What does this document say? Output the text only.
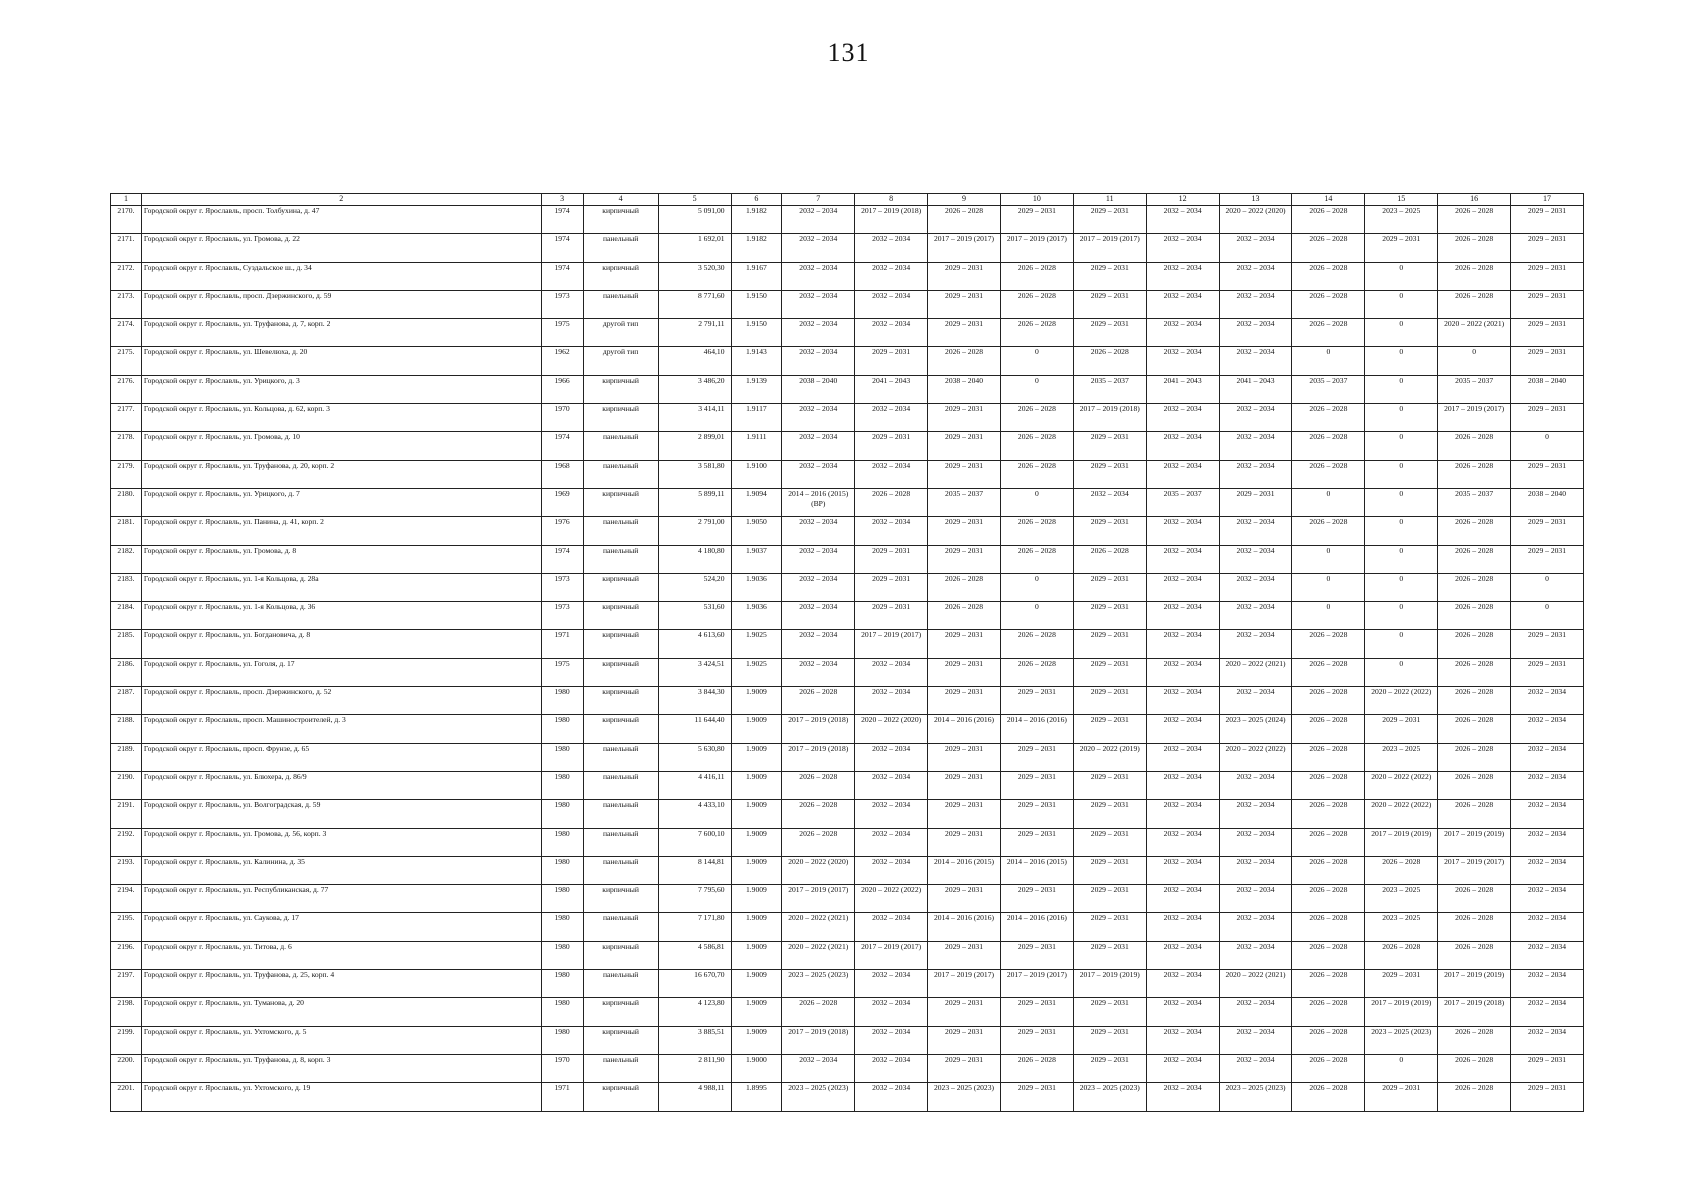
131
1	2	3	4	5	6	7	8	9	10	11	12	13	14	15	16	17
2170.	Городской округ г. Ярославль, просп. Толбухина, д. 47	1974	кирпичный	5 091,00	1.9182	2032 – 2034	2017 – 2019 (2018)	2026 – 2028	2029 – 2031	2029 – 2031	2032 – 2034	2020 – 2022 (2020)	2026 – 2028	2023 – 2025	2026 – 2028	2029 – 2031
2171.	Городской округ г. Ярославль, ул. Громова, д. 22	1974	панельный	1 692,01	1.9182	2032 – 2034	2032 – 2034	2017 – 2019 (2017)	2017 – 2019 (2017)	2017 – 2019 (2017)	2032 – 2034	2032 – 2034	2026 – 2028	2029 – 2031	2026 – 2028	2029 – 2031
2172.	Городской округ г. Ярославль, Суздальское ш., д. 34	1974	кирпичный	3 520,30	1.9167	2032 – 2034	2032 – 2034	2029 – 2031	2026 – 2028	2029 – 2031	2032 – 2034	2032 – 2034	2026 – 2028	0	2026 – 2028	2029 – 2031
2173.	Городской округ г. Ярославль, просп. Дзержинского, д. 59	1973	панельный	8 771,60	1.9150	2032 – 2034	2032 – 2034	2029 – 2031	2026 – 2028	2029 – 2031	2032 – 2034	2032 – 2034	2026 – 2028	0	2026 – 2028	2029 – 2031
2174.	Городской округ г. Ярославль, ул. Труфанова, д. 7, корп. 2	1975	другой тип	2 791,11	1.9150	2032 – 2034	2032 – 2034	2029 – 2031	2026 – 2028	2029 – 2031	2032 – 2034	2032 – 2034	2026 – 2028	0	2020 – 2022 (2021)	2029 – 2031
2175.	Городской округ г. Ярославль, ул. Шевелюха, д. 20	1962	другой тип	464,10	1.9143	2032 – 2034	2029 – 2031	2026 – 2028	0	2026 – 2028	2032 – 2034	2032 – 2034	0	0	0	2029 – 2031
2176.	Городской округ г. Ярославль, ул. Урицкого, д. 3	1966	кирпичный	3 486,20	1.9139	2038 – 2040	2041 – 2043	2038 – 2040	0	2035 – 2037	2041 – 2043	2041 – 2043	2035 – 2037	0	2035 – 2037	2038 – 2040
2177.	Городской округ г. Ярославль, ул. Кольцова, д. 62, корп. 3	1970	кирпичный	3 414,11	1.9117	2032 – 2034	2032 – 2034	2029 – 2031	2026 – 2028	2017 – 2019 (2018)	2032 – 2034	2032 – 2034	2026 – 2028	0	2017 – 2019 (2017)	2029 – 2031
2178.	Городской округ г. Ярославль, ул. Громова, д. 10	1974	панельный	2 899,01	1.9111	2032 – 2034	2029 – 2031	2029 – 2031	2026 – 2028	2029 – 2031	2032 – 2034	2032 – 2034	2026 – 2028	0	2026 – 2028	0
2179.	Городской округ г. Ярославль, ул. Труфанова, д. 20, корп. 2	1968	панельный	3 581,80	1.9100	2032 – 2034	2032 – 2034	2029 – 2031	2026 – 2028	2029 – 2031	2032 – 2034	2032 – 2034	2026 – 2028	0	2026 – 2028	2029 – 2031
2180.	Городской округ г. Ярославль, ул. Урицкого, д. 7	1969	кирпичный	5 899,11	1.9094	2014 – 2016 (2015) (ВР)	2026 – 2028	2035 – 2037	0	2032 – 2034	2035 – 2037	2029 – 2031	0	0	2035 – 2037	2038 – 2040
2181.	Городской округ г. Ярославль, ул. Панина, д. 41, корп. 2	1976	панельный	2 791,00	1.9050	2032 – 2034	2032 – 2034	2029 – 2031	2026 – 2028	2029 – 2031	2032 – 2034	2032 – 2034	2026 – 2028	0	2026 – 2028	2029 – 2031
2182.	Городской округ г. Ярославль, ул. Громова, д. 8	1974	панельный	4 180,80	1.9037	2032 – 2034	2029 – 2031	2029 – 2031	2026 – 2028	2026 – 2028	2032 – 2034	2032 – 2034	0	0	2026 – 2028	2029 – 2031
2183.	Городской округ г. Ярославль, ул. 1-я Кольцова, д. 28а	1973	кирпичный	524,20	1.9036	2032 – 2034	2029 – 2031	2026 – 2028	0	2029 – 2031	2032 – 2034	2032 – 2034	0	0	2026 – 2028	0
2184.	Городской округ г. Ярославль, ул. 1-я Кольцова, д. 36	1973	кирпичный	531,60	1.9036	2032 – 2034	2029 – 2031	2026 – 2028	0	2029 – 2031	2032 – 2034	2032 – 2034	0	0	2026 – 2028	0
2185.	Городской округ г. Ярославль, ул. Богдановича, д. 8	1971	кирпичный	4 613,60	1.9025	2032 – 2034	2017 – 2019 (2017)	2029 – 2031	2026 – 2028	2029 – 2031	2032 – 2034	2032 – 2034	2026 – 2028	0	2026 – 2028	2029 – 2031
2186.	Городской округ г. Ярославль, ул. Гоголя, д. 17	1975	кирпичный	3 424,51	1.9025	2032 – 2034	2032 – 2034	2029 – 2031	2026 – 2028	2029 – 2031	2032 – 2034	2020 – 2022 (2021)	2026 – 2028	0	2026 – 2028	2029 – 2031
2187.	Городской округ г. Ярославль, просп. Дзержинского, д. 52	1980	кирпичный	3 844,30	1.9009	2026 – 2028	2032 – 2034	2029 – 2031	2029 – 2031	2029 – 2031	2032 – 2034	2032 – 2034	2026 – 2028	2020 – 2022 (2022)	2026 – 2028	2032 – 2034
2188.	Городской округ г. Ярославль, просп. Машиностроителей, д. 3	1980	кирпичный	11 644,40	1.9009	2017 – 2019 (2018)	2020 – 2022 (2020)	2014 – 2016 (2016)	2014 – 2016 (2016)	2029 – 2031	2032 – 2034	2023 – 2025 (2024)	2026 – 2028	2029 – 2031	2026 – 2028	2032 – 2034
2189.	Городской округ г. Ярославль, просп. Фрунзе, д. 65	1980	панельный	5 630,80	1.9009	2017 – 2019 (2018)	2032 – 2034	2029 – 2031	2029 – 2031	2020 – 2022 (2019)	2032 – 2034	2020 – 2022 (2022)	2026 – 2028	2023 – 2025	2026 – 2028	2032 – 2034
2190.	Городской округ г. Ярославль, ул. Блюхера, д. 86/9	1980	панельный	4 416,11	1.9009	2026 – 2028	2032 – 2034	2029 – 2031	2029 – 2031	2029 – 2031	2032 – 2034	2032 – 2034	2026 – 2028	2020 – 2022 (2022)	2026 – 2028	2032 – 2034
2191.	Городской округ г. Ярославль, ул. Волгоградская, д. 59	1980	панельный	4 433,10	1.9009	2026 – 2028	2032 – 2034	2029 – 2031	2029 – 2031	2029 – 2031	2032 – 2034	2032 – 2034	2026 – 2028	2020 – 2022 (2022)	2026 – 2028	2032 – 2034
2192.	Городской округ г. Ярославль, ул. Громова, д. 56, корп. 3	1980	панельный	7 600,10	1.9009	2026 – 2028	2032 – 2034	2029 – 2031	2029 – 2031	2029 – 2031	2032 – 2034	2032 – 2034	2026 – 2028	2017 – 2019 (2019)	2017 – 2019 (2019)	2032 – 2034
2193.	Городской округ г. Ярославль, ул. Калинина, д. 35	1980	панельный	8 144,81	1.9009	2020 – 2022 (2020)	2032 – 2034	2014 – 2016 (2015)	2014 – 2016 (2015)	2029 – 2031	2032 – 2034	2032 – 2034	2026 – 2028	2026 – 2028	2017 – 2019 (2017)	2032 – 2034
2194.	Городской округ г. Ярославль, ул. Республиканская, д. 77	1980	кирпичный	7 795,60	1.9009	2017 – 2019 (2017)	2020 – 2022 (2022)	2029 – 2031	2029 – 2031	2029 – 2031	2032 – 2034	2032 – 2034	2026 – 2028	2023 – 2025	2026 – 2028	2032 – 2034
2195.	Городской округ г. Ярославль, ул. Саукова, д. 17	1980	панельный	7 171,80	1.9009	2020 – 2022 (2021)	2032 – 2034	2014 – 2016 (2016)	2014 – 2016 (2016)	2029 – 2031	2032 – 2034	2032 – 2034	2026 – 2028	2023 – 2025	2026 – 2028	2032 – 2034
2196.	Городской округ г. Ярославль, ул. Титова, д. 6	1980	кирпичный	4 586,81	1.9009	2020 – 2022 (2021)	2017 – 2019 (2017)	2029 – 2031	2029 – 2031	2029 – 2031	2032 – 2034	2032 – 2034	2026 – 2028	2026 – 2028	2026 – 2028	2032 – 2034
2197.	Городской округ г. Ярославль, ул. Труфанова, д. 25, корп. 4	1980	панельный	16 670,70	1.9009	2023 – 2025 (2023)	2032 – 2034	2017 – 2019 (2017)	2017 – 2019 (2017)	2017 – 2019 (2019)	2032 – 2034	2020 – 2022 (2021)	2026 – 2028	2029 – 2031	2017 – 2019 (2019)	2032 – 2034
2198.	Городской округ г. Ярославль, ул. Туманова, д. 20	1980	кирпичный	4 123,80	1.9009	2026 – 2028	2032 – 2034	2029 – 2031	2029 – 2031	2029 – 2031	2032 – 2034	2032 – 2034	2026 – 2028	2017 – 2019 (2019)	2017 – 2019 (2018)	2032 – 2034
2199.	Городской округ г. Ярославль, ул. Ухтомского, д. 5	1980	кирпичный	3 885,51	1.9009	2017 – 2019 (2018)	2032 – 2034	2029 – 2031	2029 – 2031	2029 – 2031	2032 – 2034	2032 – 2034	2026 – 2028	2023 – 2025 (2023)	2026 – 2028	2032 – 2034
2200.	Городской округ г. Ярославль, ул. Труфанова, д. 8, корп. 3	1970	панельный	2 811,90	1.9000	2032 – 2034	2032 – 2034	2029 – 2031	2026 – 2028	2029 – 2031	2032 – 2034	2032 – 2034	2026 – 2028	0	2026 – 2028	2029 – 2031
2201.	Городской округ г. Ярославль, ул. Ухтомского, д. 19	1971	кирпичный	4 988,11	1.8995	2023 – 2025 (2023)	2032 – 2034	2023 – 2025 (2023)	2029 – 2031	2023 – 2025 (2023)	2032 – 2034	2023 – 2025 (2023)	2026 – 2028	2029 – 2031	2026 – 2028	2029 – 2031
